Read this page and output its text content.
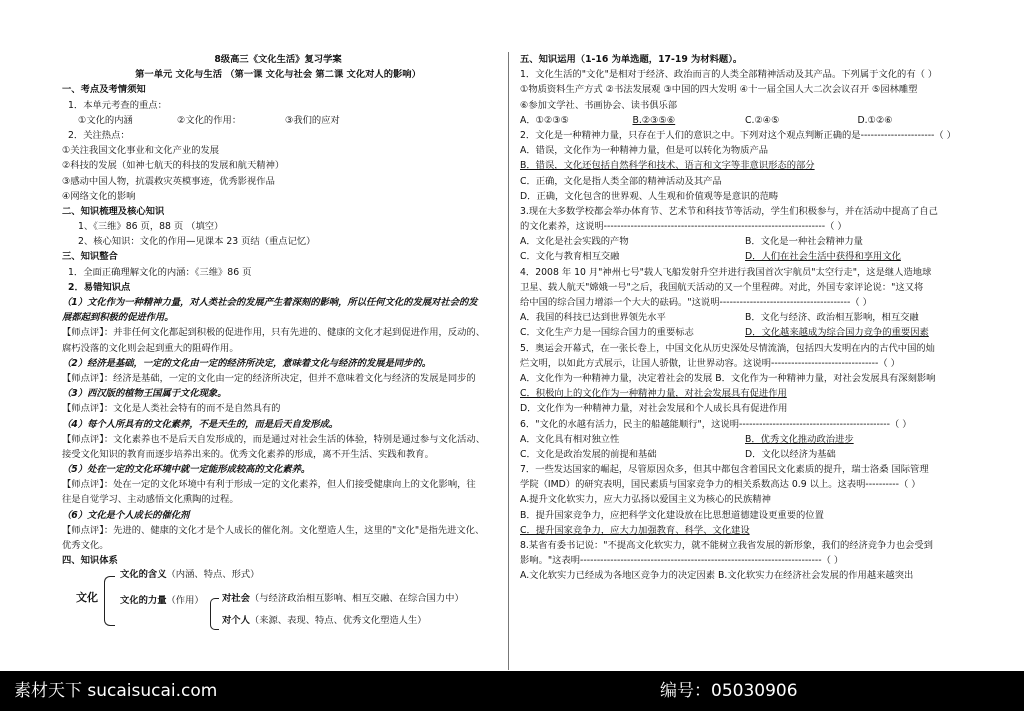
8级高三《文化生活》复习学案
第一单元 文化与生活 （第一课 文化与社会 第二课 文化对人的影响）
一、考点及考情须知
1．本单元考查的重点：
①文化的内涵	②文化的作用：	③我们的应对
2．关注热点：
①关注我国文化事业和文化产业的发展
②科技的发展（如神七航天的科技的发展和航天精神）
③感动中国人物，抗震救灾英模事迹，优秀影视作品
④网络文化的影响
二、知识梳理及核心知识
1、《三维》86 页，88 页 （填空）
2、核心知识：文化的作用—见课本 23 页结（重点记忆）
三、知识整合
1．全面正确理解文化的内涵：《三维》86 页
2．易错知识点
（1）文化作为一种精神力量，对人类社会的发展产生着深刻的影响，所以任何文化的发展对社会的发
展都起到积极的促进作用。
【师点评】：并非任何文化都起到积极的促进作用，只有先进的、健康的文化才起到促进作用，反动的、
腐朽没落的文化则会起到重大的阻碍作用。
（2）经济是基础，一定的文化由一定的经济所决定，意味着文化与经济的发展是同步的。
【师点评】：经济是基础，一定的文化由一定的经济所决定，但并不意味着文化与经济的发展是同步的
（3）西汉版的植物王国属于文化现象。
【师点评】：文化是人类社会特有的而不是自然具有的
（4）每个人所具有的文化素养，不是天生的，而是后天自发形成。
【师点评】：文化素养也不是后天自发形成的，而是通过对社会生活的体验，特别是通过参与文化活动、
接受文化知识的教育而逐步培养出来的。优秀文化素养的形成，离不开生活、实践和教育。
（5）处在一定的文化环境中就一定能形成较高的文化素养。
【师点评】：处在一定的文化环境中有利于形成一定的文化素养，但人们接受健康向上的文化影响，往
往是自觉学习、主动感悟文化熏陶的过程。
（6）文化是个人成长的催化剂
【师点评】：先进的、健康的文化才是个人成长的催化剂。文化塑造人生，这里的"文化"是指先进文化、
优秀文化。
四、知识体系
文化
文化的含义（内涵、特点、形式）
文化的力量（作用） 对社会（与经济政治相互影响、相互交融、在综合国力中）
对个人（来源、表现、特点、优秀文化塑造人生）
五、知识运用（1-16 为单选题，17-19 为材料题）。
1．文化生活的"文化"是相对于经济、政治而言的人类全部精神活动及其产品。下列属于文化的有（ ）
①物质资料生产方式 ②书法发展观 ③中国的四大发明 ④十一届全国人大二次会议召开 ⑤园林雕塑
⑥参加文学社、书画协会、读书俱乐部
A．①②③⑤	B.②③⑤⑥	C.②④⑤	D.①②⑥
2．文化是一种精神力量，只存在于人们的意识之中。下列对这个观点判断正确的是----------------------（ ）
A．错误，文化作为一种精神力量，但是可以转化为物质产品
B．错误，文化还包括自然科学和技术、语言和文字等非意识形态的部分
C．正确，文化是指人类全部的精神活动及其产品
D．正确，文化包含的世界观、人生观和价值观等是意识的范畴
3.现在大多数学校都会举办体育节、艺术节和科技节等活动，学生们积极参与，并在活动中提高了自己
的文化素养，这说明------------------------------------------------------------------（ ）
A．文化是社会实践的产物	B．文化是一种社会精神力量
C．文化与教育相互交融	D．人们在社会生活中获得和享用文化
4．2008 年 10 月"神州七号"载人飞船发射升空并进行我国首次宇航员"太空行走"，这是继人造地球
卫星、载人航天"嫦娥一号"之后，我国航天活动的又一个里程碑。对此，外国专家评论说："这又将
给中国的综合国力增添一个大大的砝码。"这说明---------------------------------------（ ）
A．我国的科技已达到世界领先水平	B．文化与经济、政治相互影响，相互交融
C．文化生产力是一国综合国力的重要标志	D．文化越来越成为综合国力竞争的重要因素
5．奥运会开幕式，在一张长卷上，中国文化从历史深处尽情流淌，包括四大发明在内的古代中国的灿
烂文明，以如此方式展示，让国人骄傲，让世界动容。这说明--------------------------------（ ）
A．文化作为一种精神力量，决定着社会的发展 B．文化作为一种精神力量，对社会发展具有深刻影响
C．积极向上的文化作为一种精神力量，对社会发展具有促进作用
D．文化作为一种精神力量，对社会发展和个人成长具有促进作用
6．"文化的水越有活力，民主的船越能顺行"，这说明---------------------------------------------（ ）
A．文化具有相对独立性	B．优秀文化推动政治进步
C．文化是政治发展的前提和基础	D．文化以经济为基础
7．一些发达国家的崛起，尽管原因众多，但其中都包含着国民文化素质的提升，瑞士洛桑 国际管理
学院（IMD）的研究表明，国民素质与国家竞争力的相关系数高达 0.9 以上。这表明----------（ ）
A.提升文化软实力，应大力弘扬以爱国主义为核心的民族精神
B．提升国家竞争力，应把科学文化建设放在比思想道德建设更重要的位置
C．提升国家竞争力，应大力加强教育、科学、文化建设
8.某省有委书记说："不提高文化软实力，就不能树立我省发展的新形象，我们的经济竞争力也会受到
影响。"这表明------------------------------------------------------------------------（ ）
A.文化软实力已经成为各地区竞争力的决定因素 B.文化软实力在经济社会发展的作用越来越突出
素材天下 sucaisucai.com	编号：05030906
